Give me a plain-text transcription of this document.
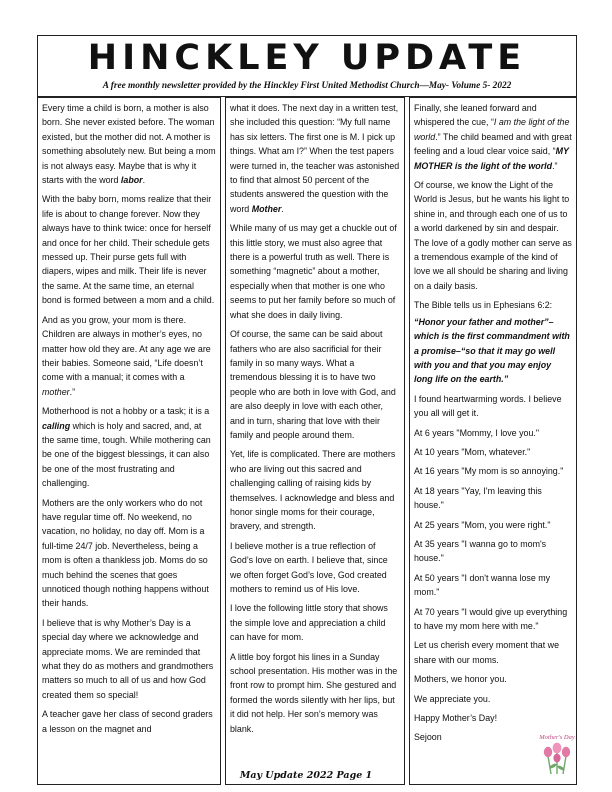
HINCKLEY UPDATE
A free monthly newsletter provided by the Hinckley First United Methodist Church—May- Volume 5- 2022

Every time a child is born, a mother is also born. She never existed before. The woman existed, but the mother did not. A mother is something absolutely new. But being a mom is not always easy. Maybe that is why it starts with the word labor.

With the baby born, moms realize that their life is about to change forever. Now they always have to think twice: once for herself and once for her child. Their schedule gets messed up. Their purse gets full with diapers, wipes and milk. Their life is never the same. At the same time, an eternal bond is formed between a mom and a child.

And as you grow, your mom is there. Children are always in mother’s eyes, no matter how old they are. At any age we are their babies. Someone said, “Life doesn’t come with a manual; it comes with a mother.”

Motherhood is not a hobby or a task; it is a calling which is holy and sacred, and, at the same time, tough. While mothering can be one of the biggest blessings, it can also be one of the most frustrating and challenging.

Mothers are the only workers who do not have regular time off. No weekend, no vacation, no holiday, no day off. Mom is a full-time 24/7 job. Nevertheless, being a mom is often a thankless job. Moms do so much behind the scenes that goes unnoticed though nothing happens without their hands.

I believe that is why Mother’s Day is a special day where we acknowledge and appreciate moms. We are reminded that what they do as mothers and grandmothers matters so much to all of us and how God created them so special!

A teacher gave her class of second graders a lesson on the magnet and

what it does. The next day in a written test, she included this question: “My full name has six letters. The first one is M. I pick up things. What am I?” When the test papers were turned in, the teacher was astonished to find that almost 50 percent of the students answered the question with the word Mother.

While many of us may get a chuckle out of this little story, we must also agree that there is a powerful truth as well. There is something “magnetic” about a mother, especially when that mother is one who seems to put her family before so much of what she does in daily living.

Of course, the same can be said about fathers who are also sacrificial for their family in so many ways. What a tremendous blessing it is to have two people who are both in love with God, and are also deeply in love with each other, and in turn, sharing that love with their family and people around them.

Yet, life is complicated. There are mothers who are living out this sacred and challenging calling of raising kids by themselves. I acknowledge and bless and honor single moms for their courage, bravery, and strength.

I believe mother is a true reflection of God’s love on earth. I believe that, since we often forget God’s love, God created mothers to remind us of His love.

I love the following little story that shows the simple love and appreciation a child can have for mom.

A little boy forgot his lines in a Sunday school presentation. His mother was in the front row to prompt him. She gestured and formed the words silently with her lips, but it did not help. Her son’s memory was blank.

Finally, she leaned forward and whispered the cue, “I am the light of the world.” The child beamed and with great feeling and a loud clear voice said, “MY MOTHER is the light of the world.”

Of course, we know the Light of the World is Jesus, but he wants his light to shine in, and through each one of us to a world darkened by sin and despair. The love of a godly mother can serve as a tremendous example of the kind of love we all should be sharing and living on a daily basis.

The Bible tells us in Ephesians 6:2:

“Honor your father and mother”– which is the first commandment with a promise–“so that it may go well with you and that you may enjoy long life on the earth.”

I found heartwarming words. I believe you all will get it.

At 6 years "Mommy, I love you."

At 10 years "Mom, whatever."

At 16 years "My mom is so annoying."

At 18 years "Yay, I'm leaving this house."

At 25 years "Mom, you were right."

At 35 years "I wanna go to mom's house."

At 50 years "I don't wanna lose my mom."

At 70 years "I would give up everything to have my mom here with me."

Let us cherish every moment that we share with our moms.

Mothers, we honor you.

We appreciate you.

Happy Mother’s Day!

Sejoon	Mother's Day
May Update 2022 Page 1
